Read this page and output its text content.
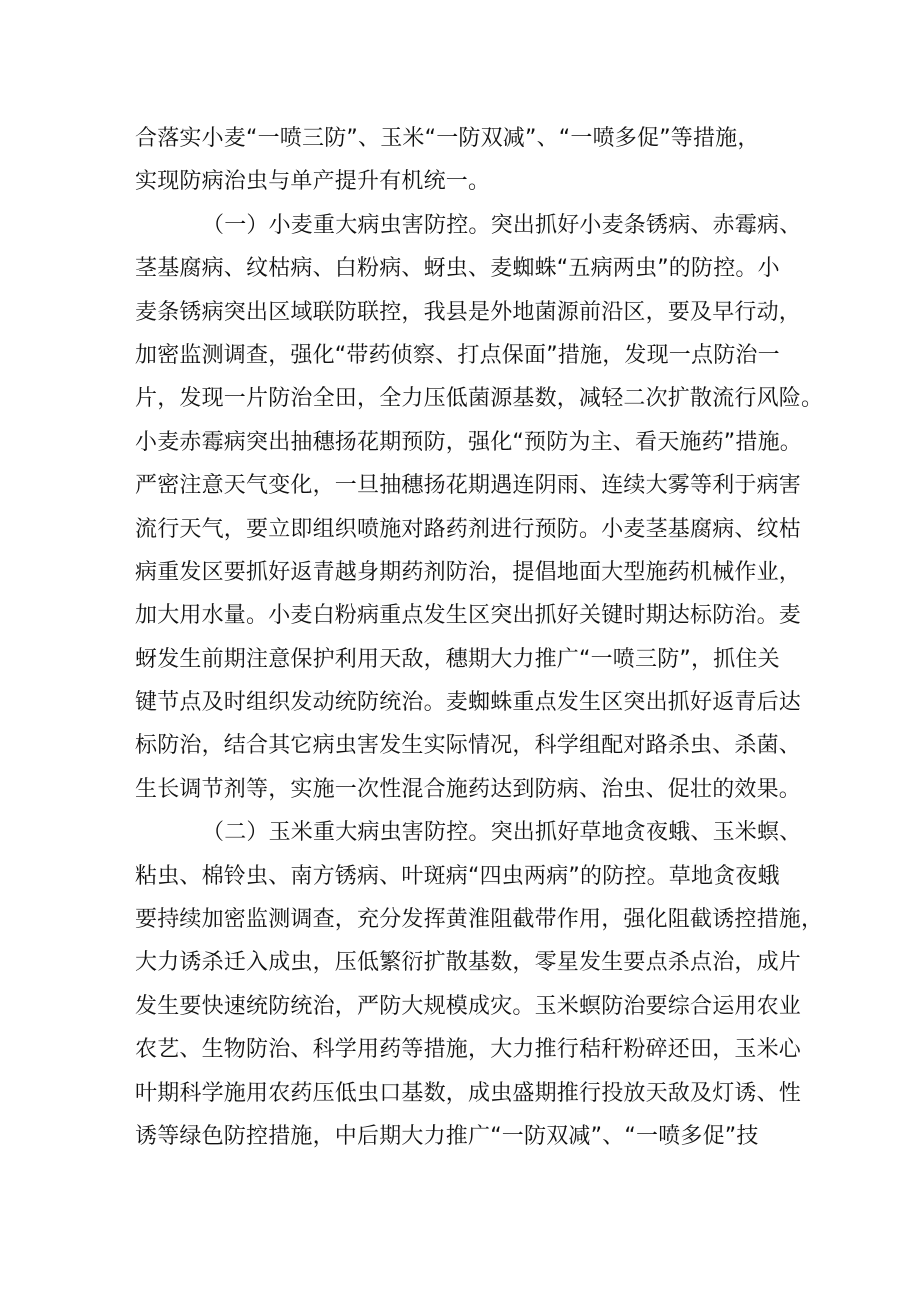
合落实小麦“一喷三防”、玉米“一防双减”、“一喷多促”等措施，
实现防病治虫与单产提升有机统一。
（一）小麦重大病虫害防控。突出抓好小麦条锈病、赤霉病、
茎基腐病、纹枯病、白粉病、蚜虫、麦蜘蛛“五病两虫”的防控。小
麦条锈病突出区域联防联控，我县是外地菌源前沿区，要及早行动，
加密监测调查，强化“带药侦察、打点保面”措施，发现一点防治一
片，发现一片防治全田，全力压低菌源基数，减轻二次扩散流行风险。
小麦赤霉病突出抽穗扬花期预防，强化“预防为主、看天施药”措施。
严密注意天气变化，一旦抽穗扬花期遇连阴雨、连续大雾等利于病害
流行天气，要立即组织喷施对路药剂进行预防。小麦茎基腐病、纹枯
病重发区要抓好返青越身期药剂防治，提倡地面大型施药机械作业，
加大用水量。小麦白粉病重点发生区突出抓好关键时期达标防治。麦
蚜发生前期注意保护利用天敌，穗期大力推广“一喷三防”，抓住关
键节点及时组织发动统防统治。麦蜘蛛重点发生区突出抓好返青后达
标防治，结合其它病虫害发生实际情况，科学组配对路杀虫、杀菌、
生长调节剂等，实施一次性混合施药达到防病、治虫、促壮的效果。
（二）玉米重大病虫害防控。突出抓好草地贪夜蛾、玉米螟、
粘虫、棉铃虫、南方锈病、叶斑病“四虫两病”的防控。草地贪夜蛾
要持续加密监测调查，充分发挥黄淮阻截带作用，强化阻截诱控措施，
大力诱杀迁入成虫，压低繁衍扩散基数，零星发生要点杀点治，成片
发生要快速统防统治，严防大规模成灾。玉米螟防治要综合运用农业
农艺、生物防治、科学用药等措施，大力推行秸秆粉碎还田，玉米心
叶期科学施用农药压低虫口基数，成虫盛期推行投放天敌及灯诱、性
诱等绿色防控措施，中后期大力推广“一防双减”、“一喷多促”技
